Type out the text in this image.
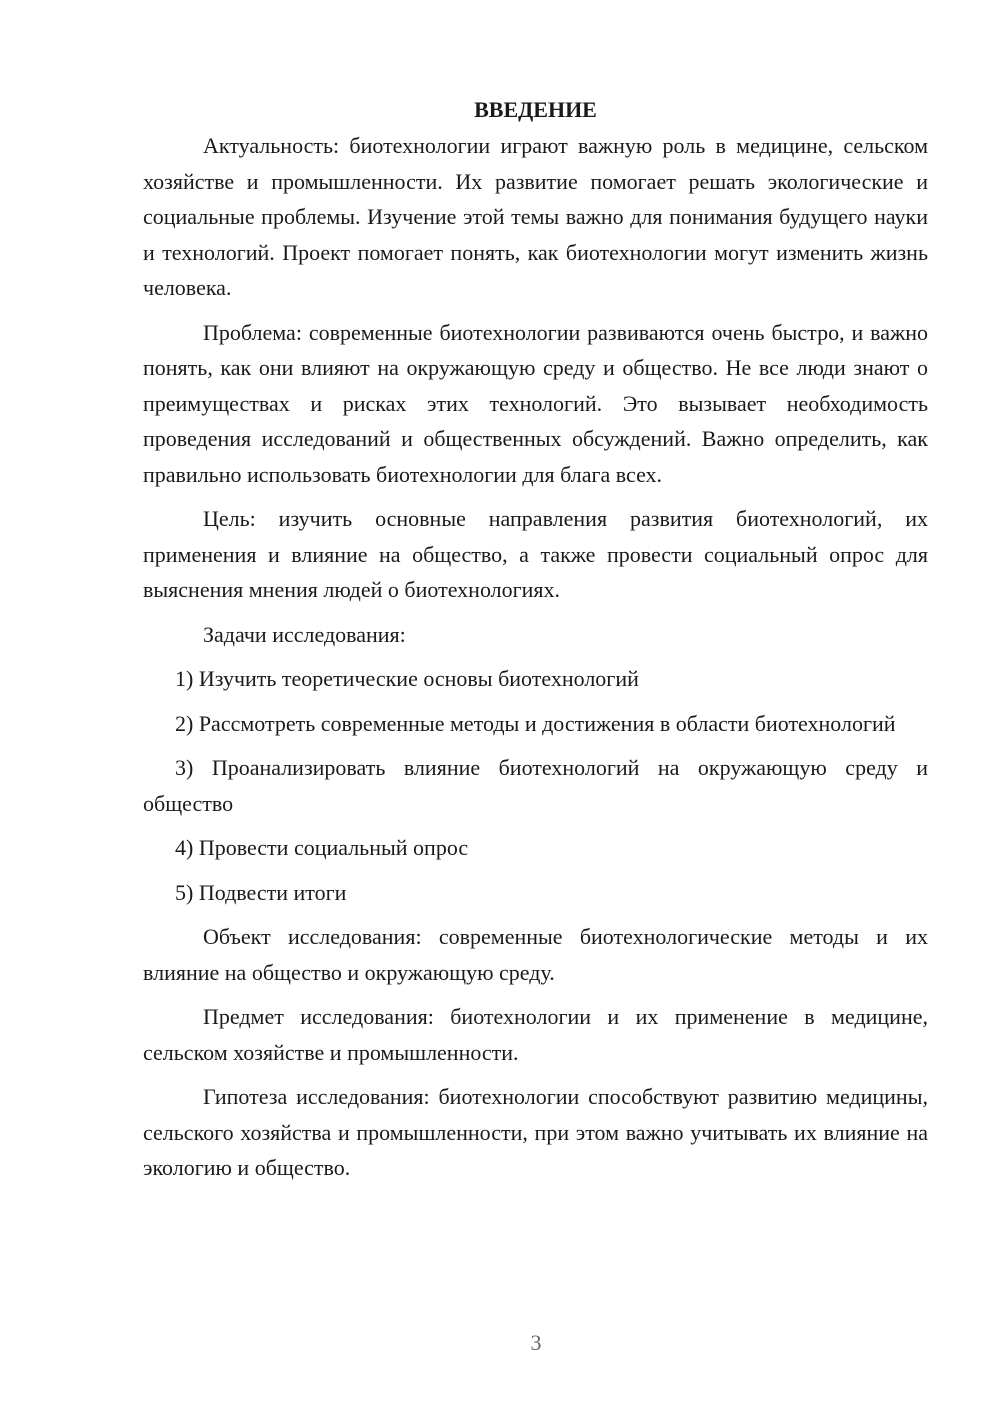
ВВЕДЕНИЕ

Актуальность: биотехнологии играют важную роль в медицине, сельском хозяйстве и промышленности. Их развитие помогает решать экологические и социальные проблемы. Изучение этой темы важно для понимания будущего науки и технологий. Проект помогает понять, как биотехнологии могут изменить жизнь человека.

Проблема: современные биотехнологии развиваются очень быстро, и важно понять, как они влияют на окружающую среду и общество. Не все люди знают о преимуществах и рисках этих технологий. Это вызывает необходимость проведения исследований и общественных обсуждений. Важно определить, как правильно использовать биотехнологии для блага всех.

Цель: изучить основные направления развития биотехнологий, их применения и влияние на общество, а также провести социальный опрос для выяснения мнения людей о биотехнологиях.

Задачи исследования:

1) Изучить теоретические основы биотехнологий

2) Рассмотреть современные методы и достижения в области биотехнологий

3) Проанализировать влияние биотехнологий на окружающую среду и общество

4) Провести социальный опрос

5) Подвести итоги

Объект исследования: современные биотехнологические методы и их влияние на общество и окружающую среду.

Предмет исследования: биотехнологии и их применение в медицине, сельском хозяйстве и промышленности.

Гипотеза исследования: биотехнологии способствуют развитию медицины, сельского хозяйства и промышленности, при этом важно учитывать их влияние на экологию и общество.

3
